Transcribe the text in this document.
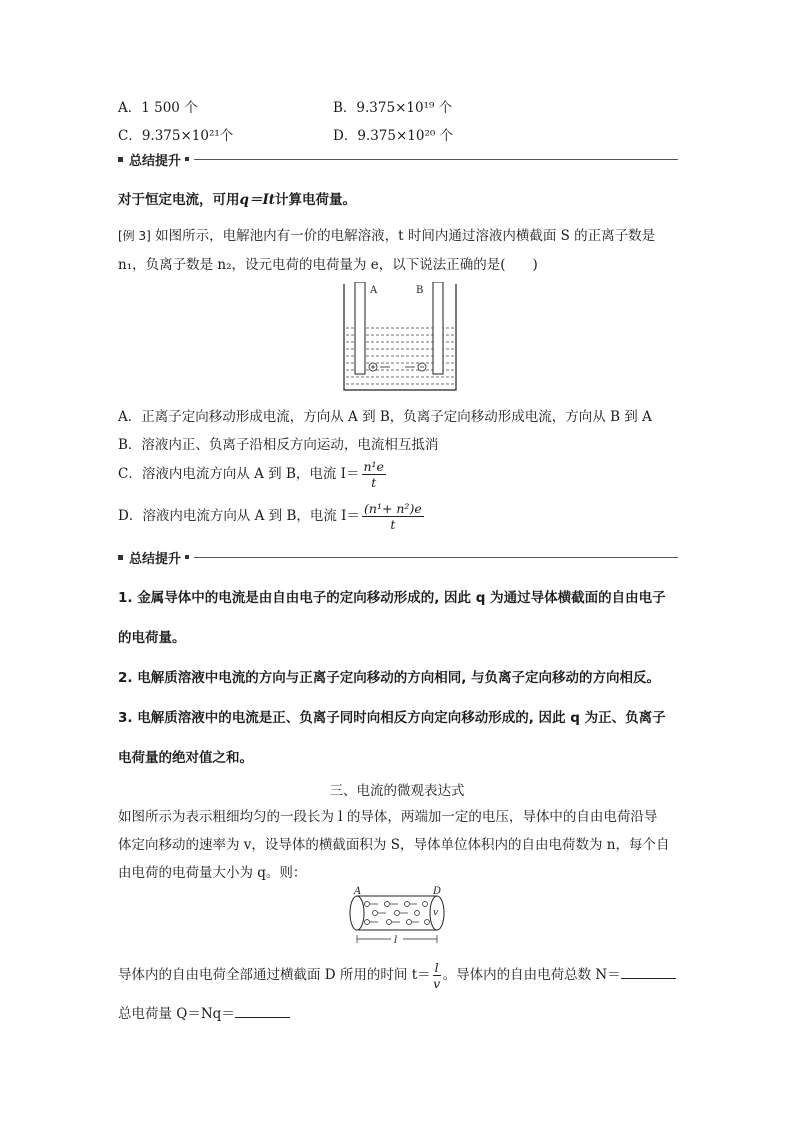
A．1 500 个	B．9.375×10¹⁹ 个
C．9.375×10²¹个	D．9.375×10²⁰ 个
总结提升
对于恒定电流，可用q＝It计算电荷量。
[例 3] 如图所示，电解池内有一价的电解溶液，t 时间内通过溶液内横截面 S 的正离子数是
n₁，负离子数是 n₂，设元电荷的电荷量为 e，以下说法正确的是(　　)
A	B
A．正离子定向移动形成电流，方向从 A 到 B，负离子定向移动形成电流，方向从 B 到 A
B．溶液内正、负离子沿相反方向运动，电流相互抵消
C．溶液内电流方向从 A 到 B，电流 $I= \frac{\text{n¹e}}{t}$
D．溶液内电流方向从 A 到 B，电流 $I= \frac{\text{(n¹+ n²)e}}{t}$
总结提升
1. 金属导体中的电流是由自由电子的定向移动形成的, 因此 q 为通过导体横截面的自由电子
的电荷量。
2. 电解质溶液中电流的方向与正离子定向移动的方向相同, 与负离子定向移动的方向相反。
3. 电解质溶液中的电流是正、负离子同时向相反方向定向移动形成的, 因此 q 为正、负离子
电荷量的绝对值之和。
三、电流的微观表达式
如图所示为表示粗细均匀的一段长为 l 的导体，两端加一定的电压，导体中的自由电荷沿导
体定向移动的速率为 v，设导体的横截面积为 S，导体单位体积内的自由电荷数为 n，每个自
由电荷的电荷量大小为 q。则：
A	D
v
l
导体内的自由电荷全部通过横截面 D 所用的时间 $t= \frac{l}{v}$ 。导体内的自由电荷总数 N＝
总电荷量 Q＝Nq＝
